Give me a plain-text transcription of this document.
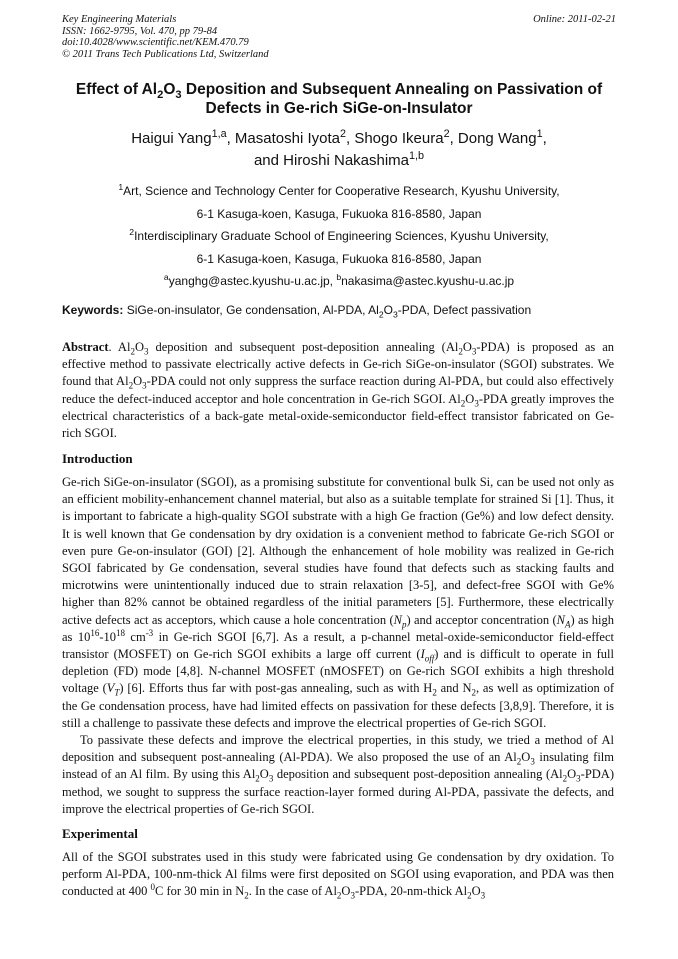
Key Engineering Materials
ISSN: 1662-9795, Vol. 470, pp 79-84
doi:10.4028/www.scientific.net/KEM.470.79
© 2011 Trans Tech Publications Ltd, Switzerland
Online: 2011-02-21
Effect of $Al_2O_3$ Deposition and Subsequent Annealing on Passivation of
Defects in Ge-rich SiGe-on-Insulator
Haigui Yang$^{1,a}$, Masatoshi Iyota$^2$, Shogo Ikeura$^2$, Dong Wang$^1$,
and Hiroshi Nakashima$^{1,b}$
$^1$Art, Science and Technology Center for Cooperative Research, Kyushu University,
6-1 Kasuga-koen, Kasuga, Fukuoka 816-8580, Japan
$^2$Interdisciplinary Graduate School of Engineering Sciences, Kyushu University,
6-1 Kasuga-koen, Kasuga, Fukuoka 816-8580, Japan
$^a$yanghg@astec.kyushu-u.ac.jp, $^b$nakasima@astec.kyushu-u.ac.jp
Keywords: SiGe-on-insulator, Ge condensation, Al-PDA, $Al_2O_3$-PDA, Defect passivation

Abstract. $Al_2O_3$ deposition and subsequent post-deposition annealing $(Al_2O_3-PDA)$ is proposed as an effective method to passivate electrically active defects in Ge-rich SiGe-on-insulator (SGOI) substrates. We found that $Al_2O_3$-PDA could not only suppress the surface reaction during Al-PDA, but could also effectively reduce the defect-induced acceptor and hole concentration in Ge-rich SGOI. $Al_2O_3$-PDA greatly improves the electrical characteristics of a back-gate metal-oxide-semiconductor field-effect transistor fabricated on Ge-rich SGOI.

Introduction

Ge-rich SiGe-on-insulator (SGOI), as a promising substitute for conventional bulk Si, can be used not only as an efficient mobility-enhancement channel material, but also as a suitable template for strained Si [1]. Thus, it is important to fabricate a high-quality SGOI substrate with a high Ge fraction (Ge%) and low defect density. It is well known that Ge condensation by dry oxidation is a convenient method to fabricate Ge-rich SGOI or even pure Ge-on-insulator (GOI) [2]. Although the enhancement of hole mobility was realized in Ge-rich SGOI fabricated by Ge condensation, several studies have found that defects such as stacking faults and microtwins were unintentionally induced due to strain relaxation [3-5], and defect-free SGOI with Ge% higher than 82% cannot be obtained regardless of the initial parameters [5]. Furthermore, these electrically active defects act as acceptors, which cause a hole concentration $(N_p)$ and acceptor concentration $(N_A)$ as high as $10^{16}-10^{18}$ $cm^{-3}$ in Ge-rich SGOI [6,7]. As a result, a p-channel metal-oxide-semiconductor field-effect transistor (MOSFET) on Ge-rich SGOI exhibits a large off current $(I_{off})$ and is difficult to operate in full depletion (FD) mode [4,8]. N-channel MOSFET (nMOSFET) on Ge-rich SGOI exhibits a high threshold voltage $(V_T)$ [6]. Efforts thus far with post-gas annealing, such as with $H_2$ and $N_2$, as well as optimization of the Ge condensation process, have had limited effects on passivation for these defects [3,8,9]. Therefore, it is still a challenge to passivate these defects and improve the electrical properties of Ge-rich SGOI.

To passivate these defects and improve the electrical properties, in this study, we tried a method of Al deposition and subsequent post-annealing (Al-PDA). We also proposed the use of an $Al_2O_3$ insulating film instead of an Al film. By using this $Al_2O_3$ deposition and subsequent post-deposition annealing $(Al_2O_3-PDA)$ method, we sought to suppress the surface reaction-layer formed during Al-PDA, passivate the defects, and improve the electrical properties of Ge-rich SGOI.

Experimental

All of the SGOI substrates used in this study were fabricated using Ge condensation by dry oxidation. To perform Al-PDA, 100-nm-thick Al films were first deposited on SGOI using evaporation, and PDA was then conducted at 400 $^0$C for 30 min in $N_2$. In the case of $Al_2O_3$-PDA, 20-nm-thick $Al_2O_3$
